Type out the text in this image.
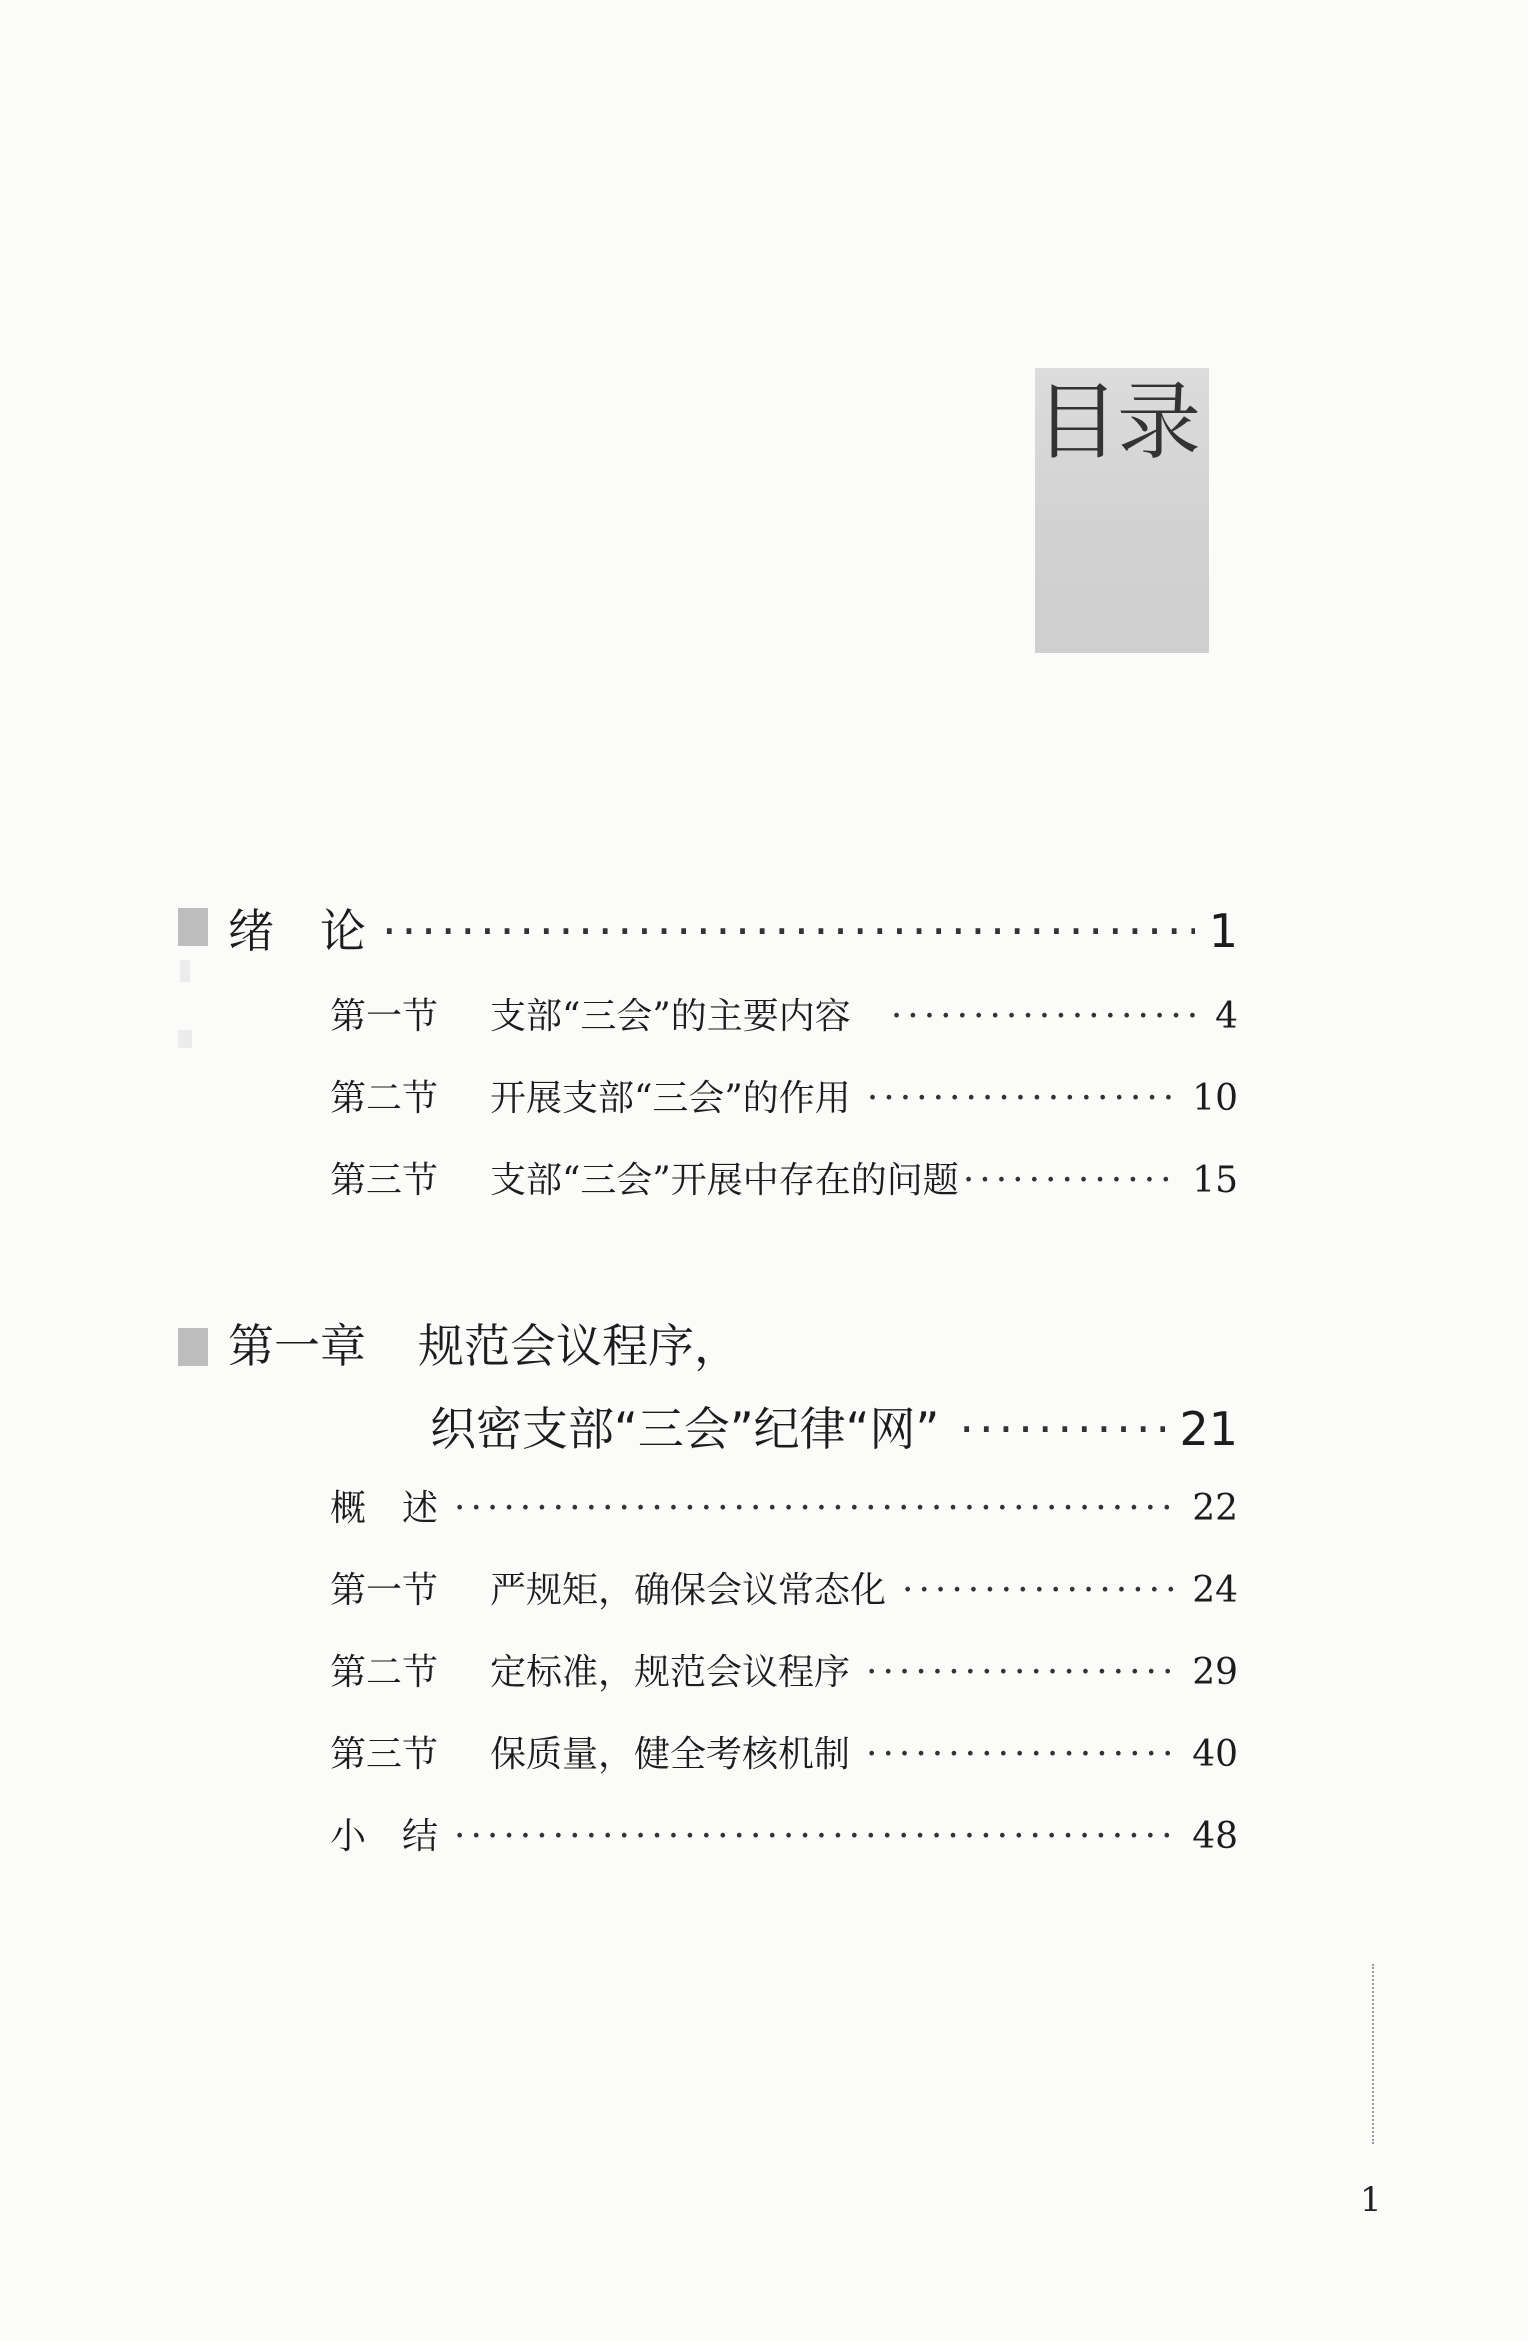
目录
绪 论 ·····	1
第一节	支部“三会”的主要内容 ·····	4
第二节	开展支部“三会”的作用 ·····	10
第三节	支部“三会”开展中存在的问题 ·····	15
第一章 规范会议程序，
织密支部“三会”纪律“网” ·····	21
概　述 ·····	22
第一节	严规矩，确保会议常态化 ·····	24
第二节	定标准，规范会议程序 ·····	29
第三节	保质量，健全考核机制 ·····	40
小　结 ·····	48
1
